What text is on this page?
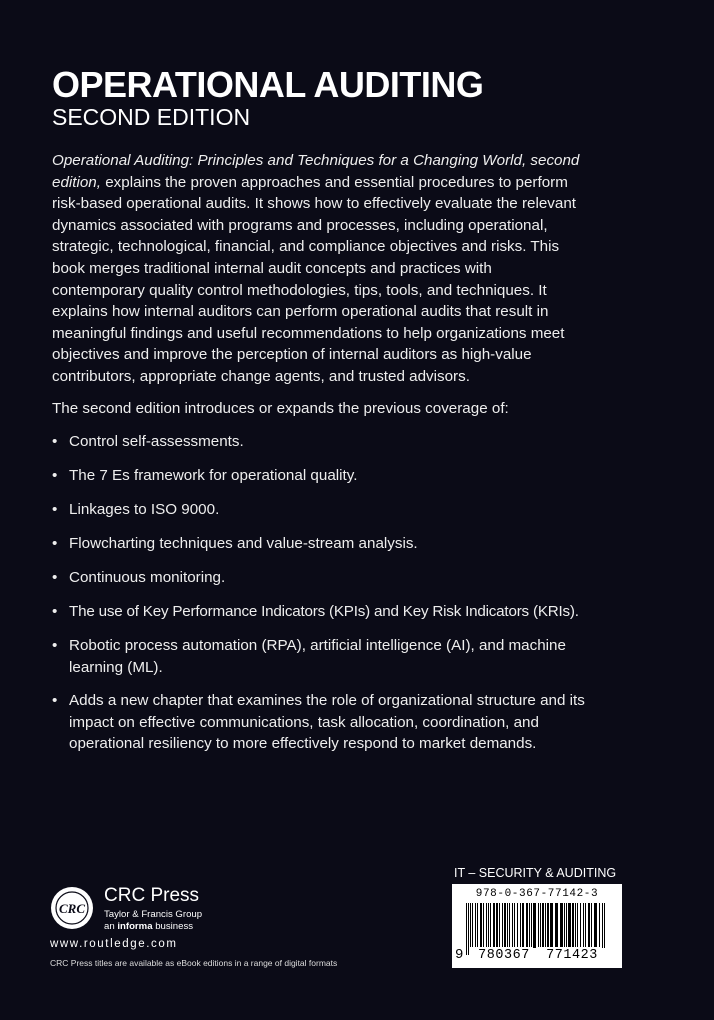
OPERATIONAL AUDITING
SECOND EDITION

Operational Auditing: Principles and Techniques for a Changing World, second edition, explains the proven approaches and essential procedures to perform risk-based operational audits. It shows how to effectively evaluate the relevant dynamics associated with programs and processes, including operational, strategic, technological, financial, and compliance objectives and risks. This book merges traditional internal audit concepts and practices with contemporary quality control methodologies, tips, tools, and techniques. It explains how internal auditors can perform operational audits that result in meaningful findings and useful recommendations to help organizations meet objectives and improve the perception of internal auditors as high-value contributors, appropriate change agents, and trusted advisors.

The second edition introduces or expands the previous coverage of:

• Control self-assessments.
• The 7 Es framework for operational quality.
• Linkages to ISO 9000.
• Flowcharting techniques and value-stream analysis.
• Continuous monitoring.
• The use of Key Performance Indicators (KPIs) and Key Risk Indicators (KRIs).
• Robotic process automation (RPA), artificial intelligence (AI), and machine learning (ML).
• Adds a new chapter that examines the role of organizational structure and its impact on effective communications, task allocation, coordination, and operational resiliency to more effectively respond to market demands.
CRC
CRC Press
Taylor & Francis Group
an informa business
www.routledge.com
CRC Press titles are available as eBook editions in a range of digital formats
IT – SECURITY & AUDITING
978-0-367-77142-3
9	780367	771423
